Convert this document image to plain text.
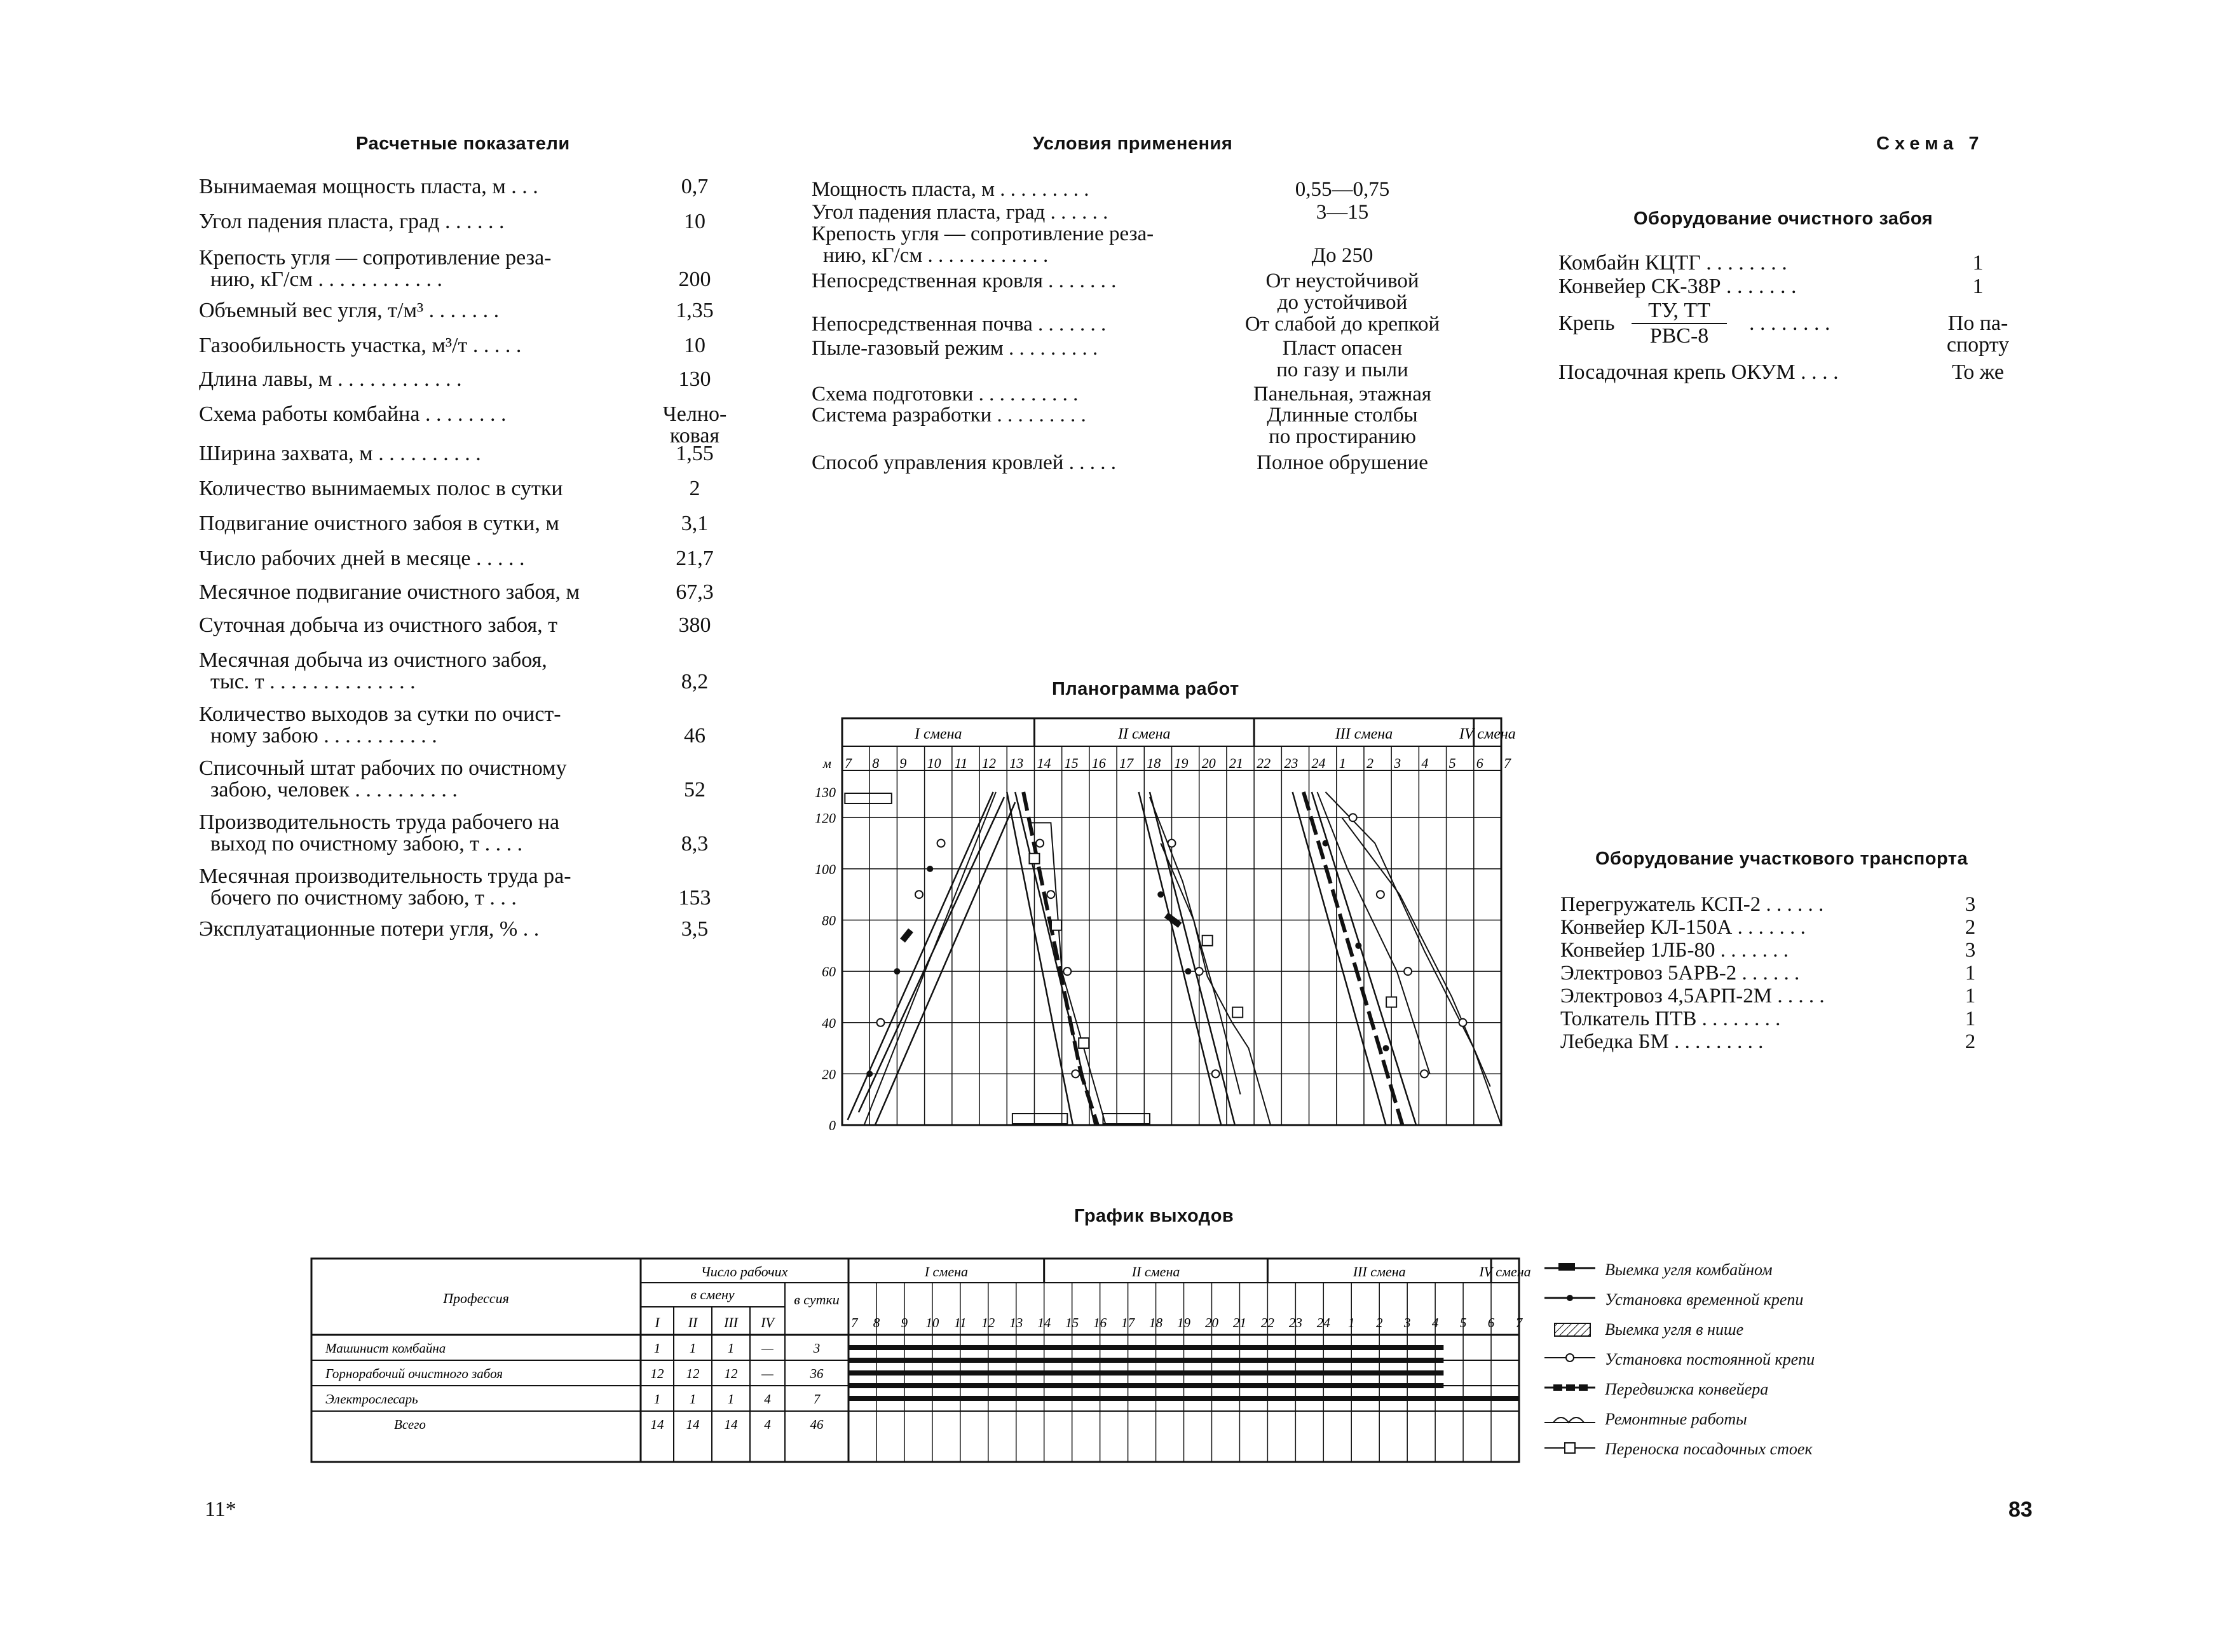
Расчетные показатели	Условия применения	Схема 7
Оборудование очистного забоя
Планограмма работ
Оборудование участкового транспорта
График выходов
Вынимаемая мощность пласта, м . . .	0,7
Угол падения пласта, град . . . . . .	10
Крепость угля — сопротивление реза-
нию, кГ/см . . . . . . . . . . . .	200
Объемный вес угля, т/м³ . . . . . . .	1,35
Газообильность участка, м³/т . . . . .	10
Длина лавы, м . . . . . . . . . . . .	130
Схема работы комбайна . . . . . . . .	Челно-
ковая
Ширина захвата, м . . . . . . . . . .	1,55
Количество вынимаемых полос в сутки	2
Подвигание очистного забоя в сутки, м	3,1
Число рабочих дней в месяце . . . . .	21,7
Месячное подвигание очистного забоя, м	67,3
Суточная добыча из очистного забоя, т	380
Месячная добыча из очистного забоя,
тыс. т . . . . . . . . . . . . . .	8,2
Количество выходов за сутки по очист-
ному забою . . . . . . . . . . .	46
Списочный штат рабочих по очистному
забою, человек . . . . . . . . . .	52
Производительность труда рабочего на
выход по очистному забою, т . . . .	8,3
Месячная производительность труда ра-
бочего по очистному забою, т . . .	153
Эксплуатационные потери угля, % . .	3,5
Мощность пласта, м . . . . . . . . .	0,55—0,75
Угол падения пласта, град . . . . . .	3—15
Крепость угля — сопротивление реза-
нию, кГ/см . . . . . . . . . . . .	До 250
Непосредственная кровля . . . . . . .	От неустойчивой
до устойчивой
Непосредственная почва . . . . . . .	От слабой до крепкой
Пыле-газовый режим . . . . . . . . .	Пласт опасен
по газу и пыли
Схема подготовки . . . . . . . . . .	Панельная, этажная
Система разработки . . . . . . . . .	Длинные столбы
по простиранию
Способ управления кровлей . . . . .	Полное обрушение
Комбайн КЦТГ . . . . . . . .	1
Конвейер СК-38Р . . . . . . .	1
Крепь
ТУ, ТТ
РВС-8
. . . . . . . .	По па-
спорту
Посадочная крепь ОКУМ . . . .	То же
Перегружатель КСП-2 . . . . . .	3
Конвейер КЛ-150А . . . . . . .	2
Конвейер 1ЛБ-80 . . . . . . .	3
Электровоз 5АРВ-2 . . . . . .	1
Электровоз 4,5АРП-2М . . . . .	1
Толкатель ПТВ . . . . . . . .	1
Лебедка БМ . . . . . . . . .	2
I смена	II смена	III смена	IV смена
7 8 9 10 11 12 13 14 15 16 17 18 19 20 21 22 23 24 1 2 3 4 5 6 7
0
20
40
60
80
100
120
130
м
Профессия
Число рабочих
в смену	в сутки
I II III IV
I смена	II смена	III смена	IV смена
7 8 9 10 11 12 13 14 15 16 17 18 19 20 21 22 23 24 1 2 3 4 5 6 7
Машинист комбайна	1 1 1 —	3
Горнорабочий очистного забоя	12 12 12 —	36
Электрослесарь	1 1 1 4	7
Всего	14 14 14 4	46
Выемка угля комбайном
Установка временной крепи
Выемка угля в нише
Установка постоянной крепи
Передвижка конвейера
Ремонтные работы
Переноска посадочных стоек
11*	83
